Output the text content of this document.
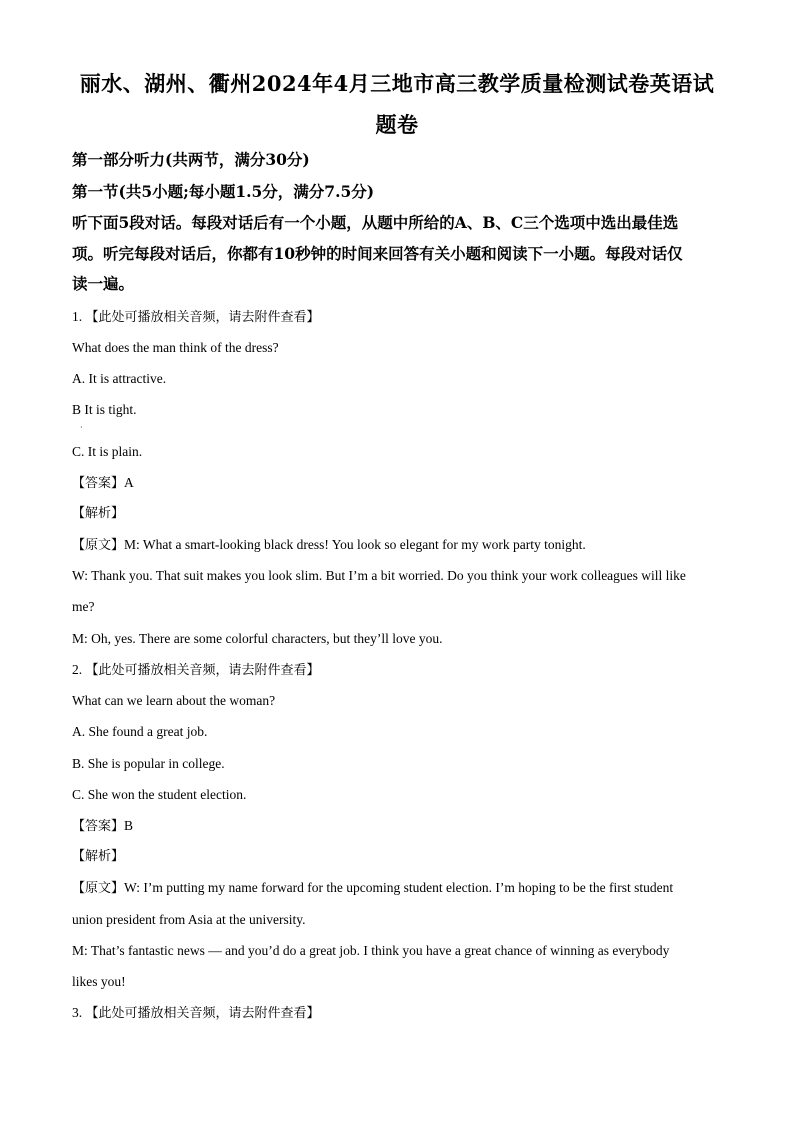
丽水、湖州、衢州2024年4月三地市高三教学质量检测试卷英语试
题卷
第一部分听力(共两节，满分30分)
第一节(共5小题;每小题1.5分，满分7.5分)
听下面5段对话。每段对话后有一个小题，从题中所给的A、B、C三个选项中选出最佳选
项。听完每段对话后，你都有10秒钟的时间来回答有关小题和阅读下一小题。每段对话仅
读一遍。
1. 【此处可播放相关音频，请去附件查看】
What does the man think of the dress?
A. It is attractive.
B It is tight.
·
C. It is plain.
【答案】A
【解析】
【原文】M: What a smart-looking black dress! You look so elegant for my work party tonight.
W: Thank you. That suit makes you look slim. But I’m a bit worried. Do you think your work colleagues will like
me?
M: Oh, yes. There are some colorful characters, but they’ll love you.
2. 【此处可播放相关音频，请去附件查看】
What can we learn about the woman?
A. She found a great job.
B. She is popular in college.
C. She won the student election.
【答案】B
【解析】
【原文】W: I’m putting my name forward for the upcoming student election. I’m hoping to be the first student
union president from Asia at the university.
M: That’s fantastic news — and you’d do a great job. I think you have a great chance of winning as everybody
likes you!
3. 【此处可播放相关音频，请去附件查看】
